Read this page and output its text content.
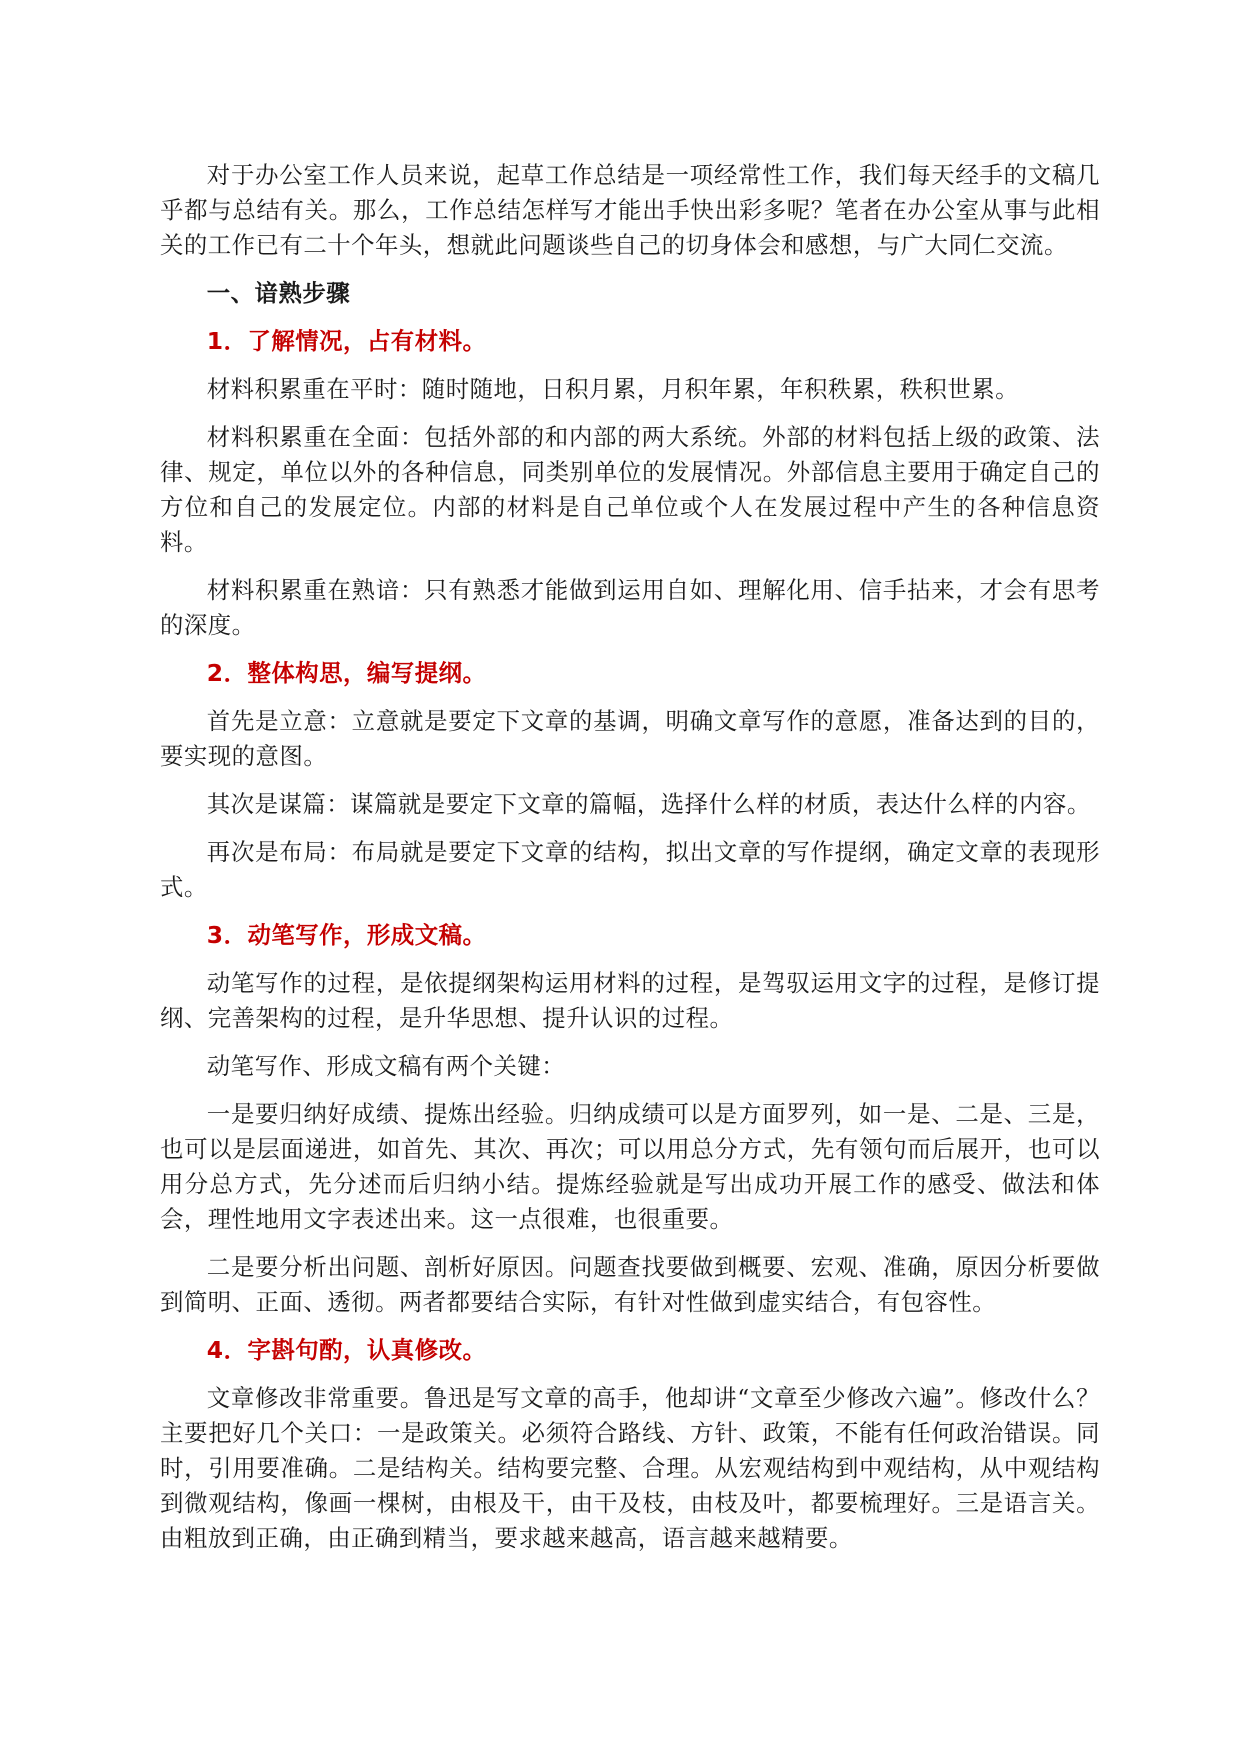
对于办公室工作人员来说，起草工作总结是一项经常性工作，我们每天经手的文稿几乎都与总结有关。那么，工作总结怎样写才能出手快出彩多呢？笔者在办公室从事与此相关的工作已有二十个年头，想就此问题谈些自己的切身体会和感想，与广大同仁交流。

一、谙熟步骤

1．了解情况，占有材料。

材料积累重在平时：随时随地，日积月累，月积年累，年积秩累，秩积世累。

材料积累重在全面：包括外部的和内部的两大系统。外部的材料包括上级的政策、法律、规定，单位以外的各种信息，同类别单位的发展情况。外部信息主要用于确定自己的方位和自己的发展定位。内部的材料是自己单位或个人在发展过程中产生的各种信息资料。

材料积累重在熟谙：只有熟悉才能做到运用自如、理解化用、信手拈来，才会有思考的深度。

2．整体构思，编写提纲。

首先是立意：立意就是要定下文章的基调，明确文章写作的意愿，准备达到的目的，要实现的意图。

其次是谋篇：谋篇就是要定下文章的篇幅，选择什么样的材质，表达什么样的内容。

再次是布局：布局就是要定下文章的结构，拟出文章的写作提纲，确定文章的表现形式。

3．动笔写作，形成文稿。

动笔写作的过程，是依提纲架构运用材料的过程，是驾驭运用文字的过程，是修订提纲、完善架构的过程，是升华思想、提升认识的过程。

动笔写作、形成文稿有两个关键：

一是要归纳好成绩、提炼出经验。归纳成绩可以是方面罗列，如一是、二是、三是，也可以是层面递进，如首先、其次、再次；可以用总分方式，先有领句而后展开，也可以用分总方式，先分述而后归纳小结。提炼经验就是写出成功开展工作的感受、做法和体会，理性地用文字表述出来。这一点很难，也很重要。

二是要分析出问题、剖析好原因。问题查找要做到概要、宏观、准确，原因分析要做到简明、正面、透彻。两者都要结合实际，有针对性做到虚实结合，有包容性。

4．字斟句酌，认真修改。

文章修改非常重要。鲁迅是写文章的高手，他却讲“文章至少修改六遍”。修改什么？主要把好几个关口：一是政策关。必须符合路线、方针、政策，不能有任何政治错误。同时，引用要准确。二是结构关。结构要完整、合理。从宏观结构到中观结构，从中观结构到微观结构，像画一棵树，由根及干，由干及枝，由枝及叶，都要梳理好。三是语言关。由粗放到正确，由正确到精当，要求越来越高，语言越来越精要。
